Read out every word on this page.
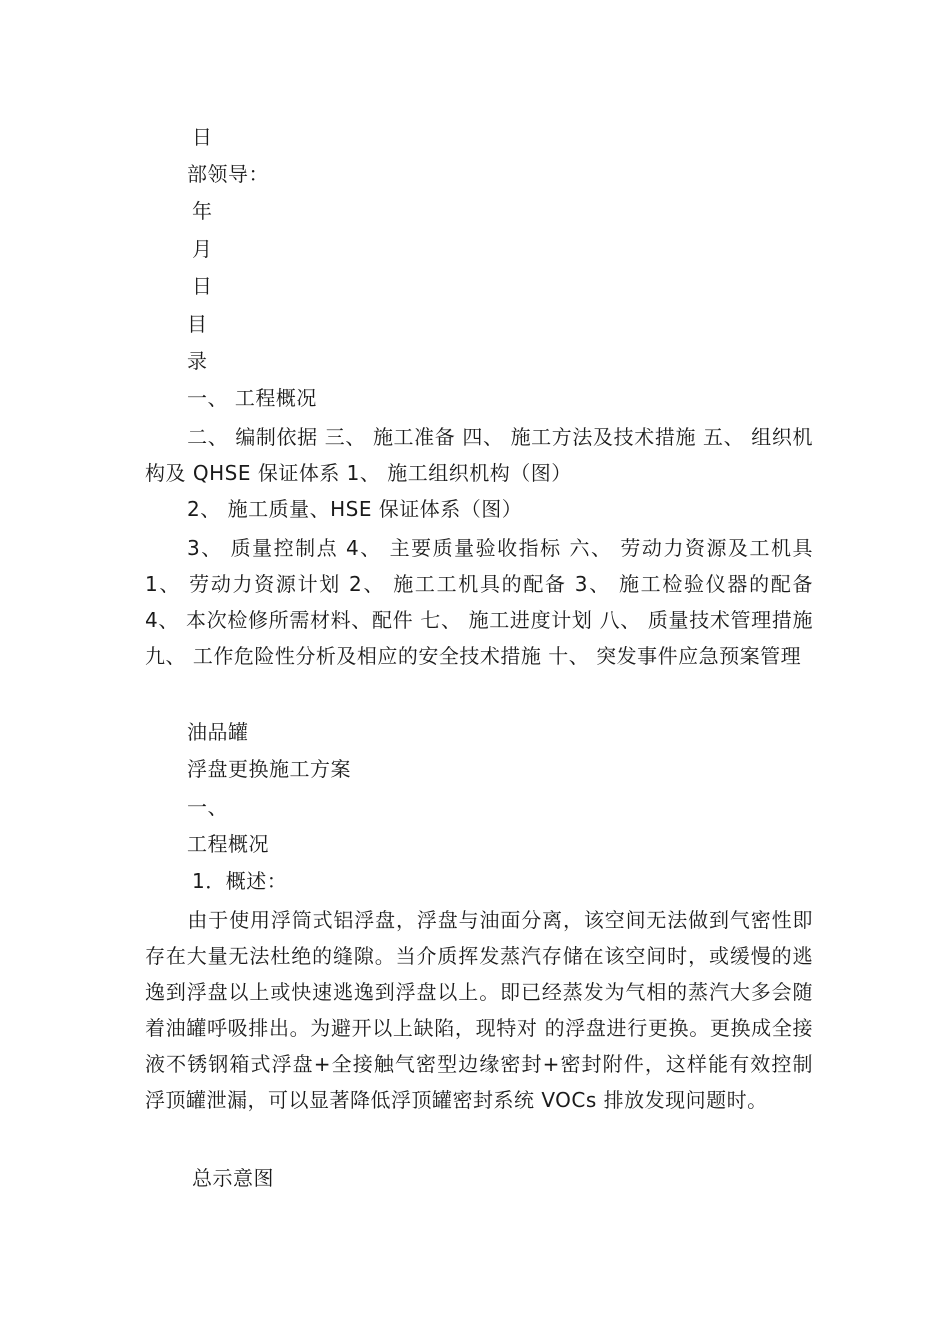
日
部领导：
年
月
日
目
录
一、 工程概况
二、 编制依据 三、 施工准备 四、 施工方法及技术措施 五、 组织机构及 QHSE 保证体系 1、 施工组织机构（图）
2、 施工质量、HSE 保证体系（图）
3、 质量控制点 4、 主要质量验收指标 六、 劳动力资源及工机具 1、 劳动力资源计划 2、 施工工机具的配备 3、 施工检验仪器的配备 4、 本次检修所需材料、配件 七、 施工进度计划 八、 质量技术管理措施 九、 工作危险性分析及相应的安全技术措施 十、 突发事件应急预案管理
油品罐
浮盘更换施工方案
一、
工程概况
1．概述：
由于使用浮筒式铝浮盘，浮盘与油面分离，该空间无法做到气密性即存在大量无法杜绝的缝隙。当介质挥发蒸汽存储在该空间时，或缓慢的逃逸到浮盘以上或快速逃逸到浮盘以上。即已经蒸发为气相的蒸汽大多会随着油罐呼吸排出。为避开以上缺陷，现特对 的浮盘进行更换。更换成全接液不锈钢箱式浮盘+全接触气密型边缘密封+密封附件，这样能有效控制浮顶罐泄漏，可以显著降低浮顶罐密封系统 VOCs 排放发现问题时。
总示意图
